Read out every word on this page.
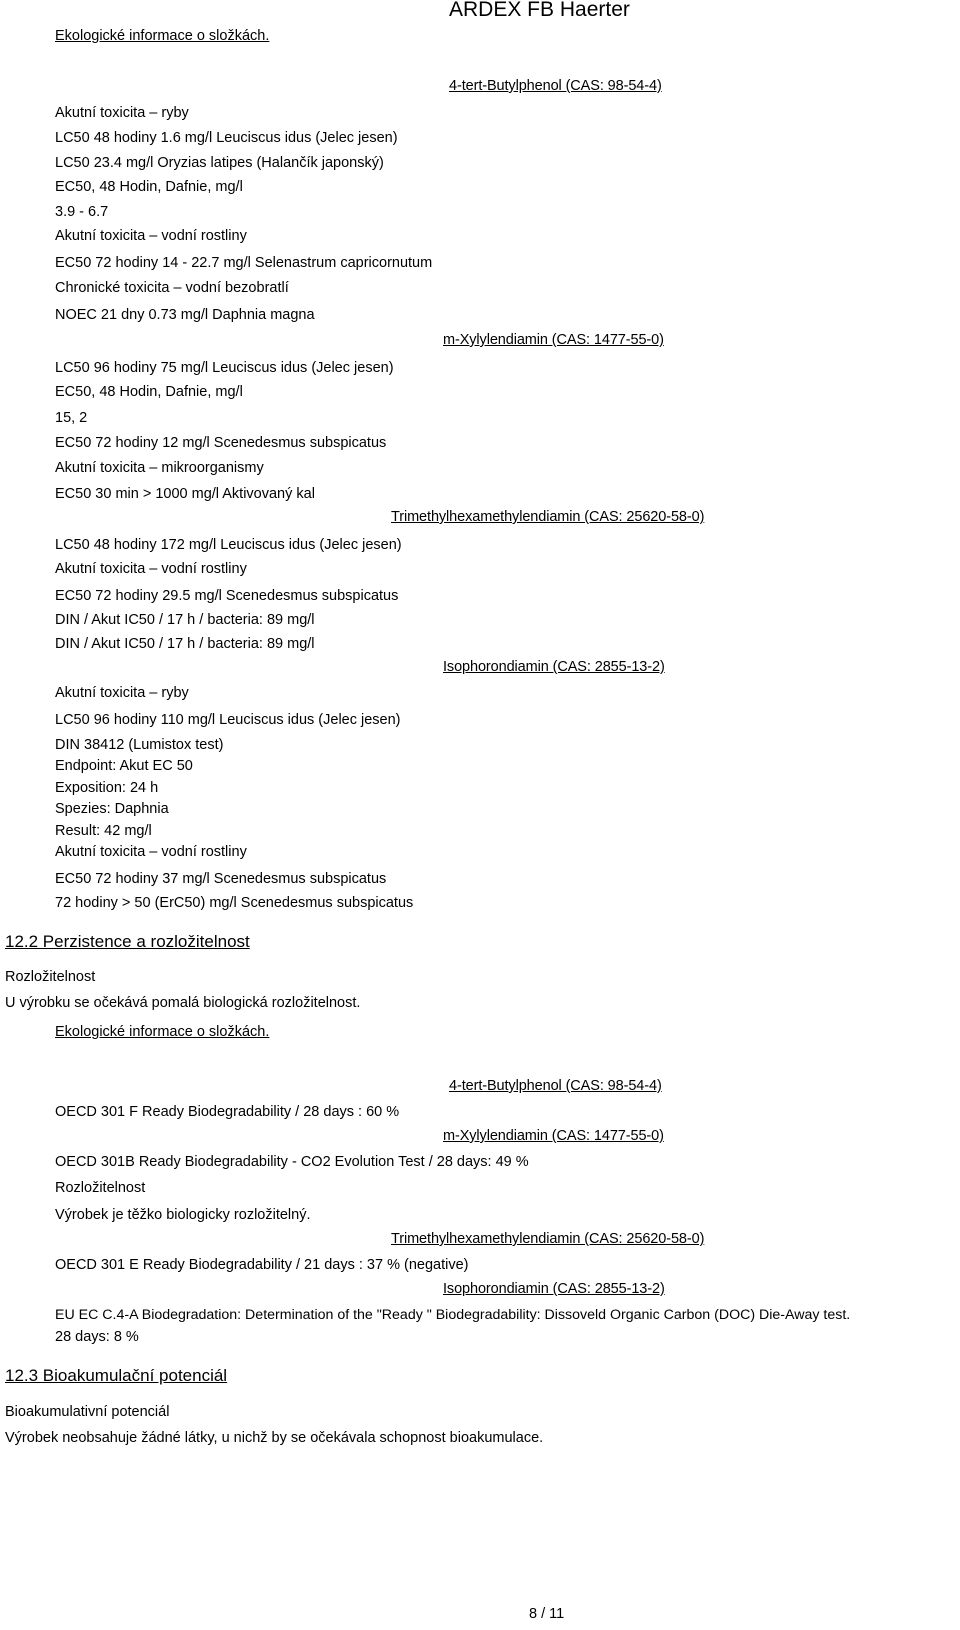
Ekologické informace o složkách.
ARDEX FB Haerter
4-tert-Butylphenol (CAS: 98-54-4)
Akutní toxicita – ryby
LC50 48 hodiny 1.6 mg/l Leuciscus idus (Jelec jesen)
LC50 23.4 mg/l Oryzias latipes (Halančík japonský)
EC50, 48 Hodin, Dafnie, mg/l
3.9 - 6.7
Akutní toxicita – vodní rostliny
EC50 72 hodiny 14 - 22.7 mg/l Selenastrum capricornutum
Chronické toxicita – vodní bezobratlí
NOEC 21 dny 0.73 mg/l Daphnia magna
m-Xylylendiamin (CAS: 1477-55-0)
LC50 96 hodiny 75 mg/l Leuciscus idus (Jelec jesen)
EC50, 48 Hodin, Dafnie, mg/l
15, 2
EC50 72 hodiny 12 mg/l Scenedesmus subspicatus
Akutní toxicita – mikroorganismy
EC50 30 min > 1000 mg/l Aktivovaný kal
Trimethylhexamethylendiamin (CAS: 25620-58-0)
LC50 48 hodiny 172 mg/l Leuciscus idus (Jelec jesen)
Akutní toxicita – vodní rostliny
EC50 72 hodiny 29.5 mg/l Scenedesmus subspicatus
DIN / Akut IC50 / 17 h / bacteria: 89 mg/l
DIN / Akut IC50 / 17 h / bacteria: 89 mg/l
Isophorondiamin (CAS: 2855-13-2)
Akutní toxicita – ryby
LC50 96 hodiny 110 mg/l Leuciscus idus (Jelec jesen)
DIN 38412 (Lumistox test)
Endpoint: Akut EC 50
Exposition: 24 h
Spezies: Daphnia
Result: 42 mg/l
Akutní toxicita – vodní rostliny
EC50 72 hodiny 37 mg/l Scenedesmus subspicatus
72 hodiny > 50 (ErC50) mg/l Scenedesmus subspicatus
12.2 Perzistence a rozložitelnost
Rozložitelnost
U výrobku se očekává pomalá biologická rozložitelnost.
Ekologické informace o složkách.
4-tert-Butylphenol (CAS: 98-54-4)
OECD 301 F Ready Biodegradability / 28 days : 60 %
m-Xylylendiamin (CAS: 1477-55-0)
OECD 301B Ready Biodegradability - CO2 Evolution Test / 28 days: 49 %
Rozložitelnost
Výrobek je těžko biologicky rozložitelný.
Trimethylhexamethylendiamin (CAS: 25620-58-0)
OECD 301 E Ready Biodegradability / 21 days : 37 % (negative)
Isophorondiamin (CAS: 2855-13-2)
EU EC C.4-A Biodegradation: Determination of the "Ready " Biodegradability: Dissoveld Organic Carbon (DOC) Die-Away test.
28 days: 8 %
12.3 Bioakumulační potenciál
Bioakumulativní potenciál
Výrobek neobsahuje žádné látky, u nichž by se očekávala schopnost bioakumulace.
8 / 11
